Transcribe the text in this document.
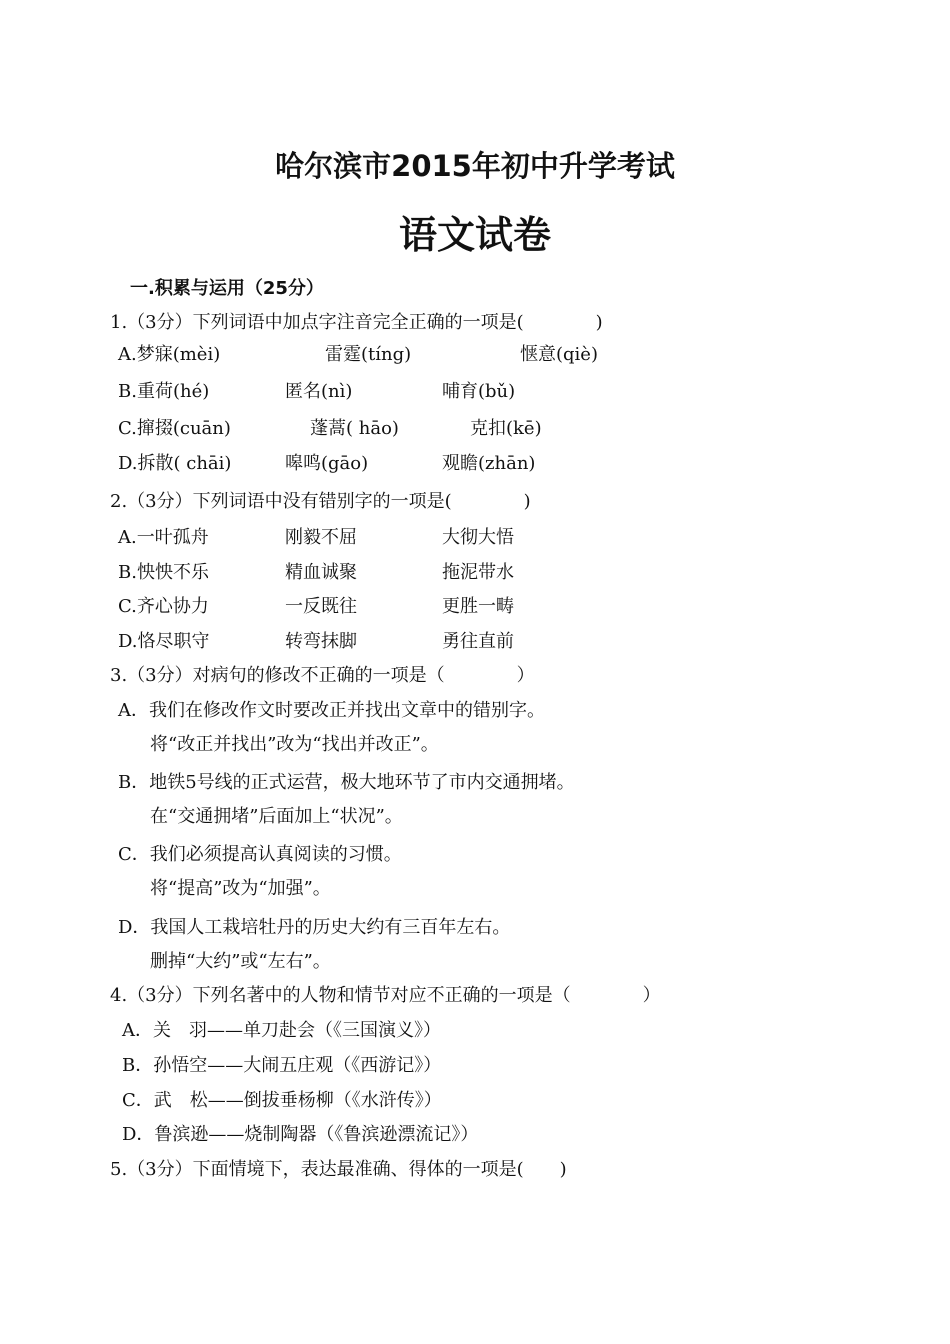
哈尔滨市2015年初中升学考试
语文试卷
一.积累与运用（25分）
1.（3分）下列词语中加点字注音完全正确的一项是(　　　　)
A.梦寐(mèi)	雷霆(tíng)	惬意(qiè)
B.重荷(hé)	匿名(nì)	哺育(bǔ)
C.撺掇(cuān)	蓬蒿( hāo)	克扣(kē)
D.拆散( chāi)	嗥鸣(gāo)	观瞻(zhān)
2.（3分）下列词语中没有错别字的一项是(　　　　)
A.一叶孤舟	刚毅不屈	大彻大悟
B.怏怏不乐	精血诚聚	拖泥带水
C.齐心协力	一反既往	更胜一畴
D.恪尽职守	转弯抹脚	勇往直前
3.（3分）对病句的修改不正确的一项是（　　　　）
A．我们在修改作文时要改正并找出文章中的错别字。
将“改正并找出”改为“找出并改正”。
B．地铁5号线的正式运营，极大地环节了市内交通拥堵。
在“交通拥堵”后面加上“状况”。
C．我们必须提高认真阅读的习惯。
将“提高”改为“加强”。
D．我国人工栽培牡丹的历史大约有三百年左右。
删掉“大约”或“左右”。
4.（3分）下列名著中的人物和情节对应不正确的一项是（　　　　）
A．关　羽——单刀赴会（《三国演义》）
B．孙悟空——大闹五庄观（《西游记》）
C．武　松——倒拔垂杨柳（《水浒传》）
D．鲁滨逊——烧制陶器（《鲁滨逊漂流记》）
5.（3分）下面情境下，表达最准确、得体的一项是(　　)
